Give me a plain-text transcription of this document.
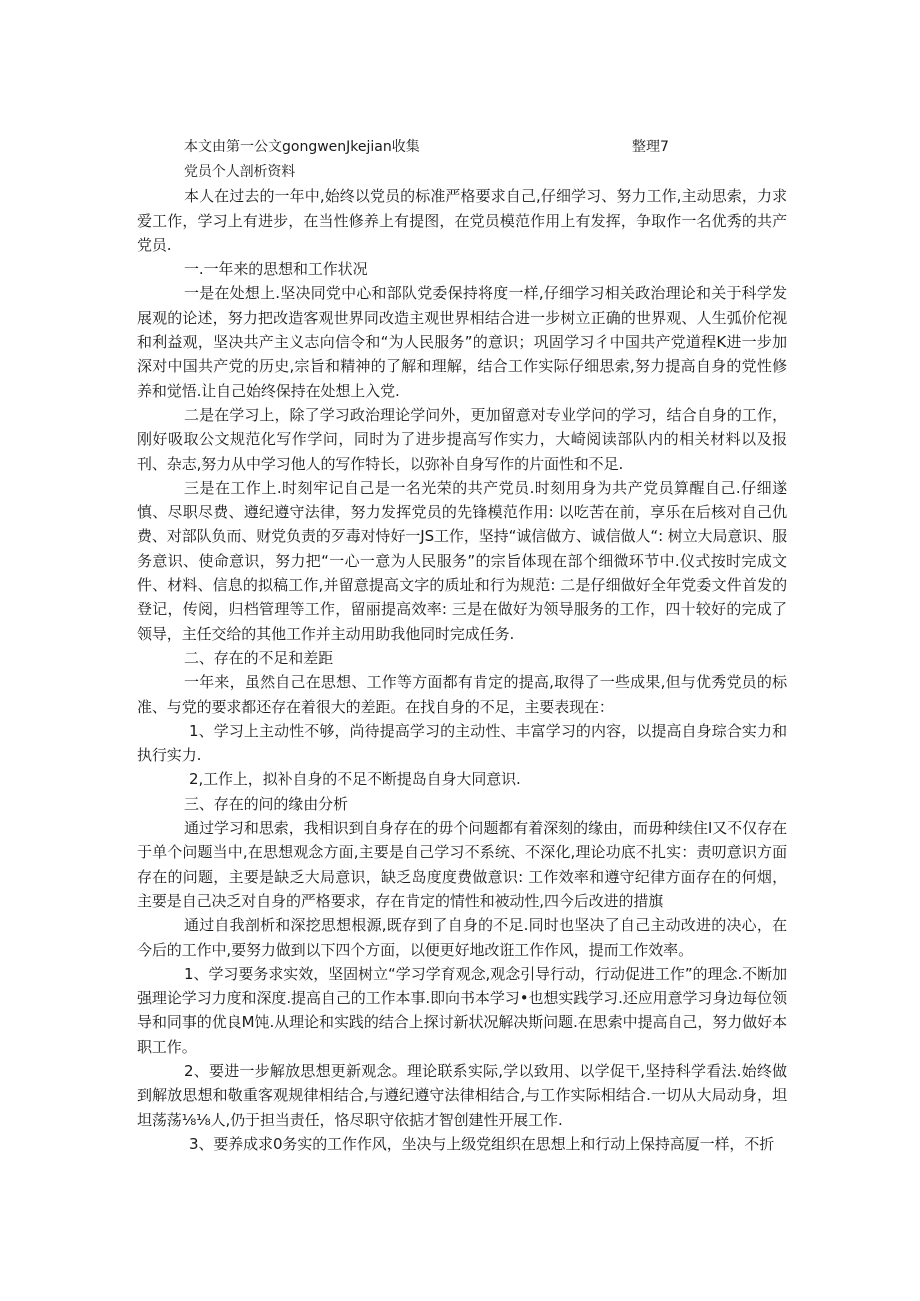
本文由第一公文gongwenJkejian收集	整理7

党员个人剖析资料

本人在过去的一年中,始终以党员的标准严格要求自己,仔细学习、努力工作,主动思索，力求爱工作，学习上有进步，在当性修养上有提图，在党员模范作用上有发挥，争取作一名优秀的共产党员.

一.一年来的思想和工作状况

一是在处想上.坚决同党中心和部队党委保持将度一样,仔细学习相关政治理论和关于科学发展观的论述，努力把改造客观世界同改造主观世界相结合进一步树立正确的世界观、人生弧价佗视和利益观，坚决共产主义志向信令和“为人民服务”的意识；巩固学习彳中国共产党道程K进一步加深对中国共产党的历史,宗旨和精神的了解和理解，结合工作实际仔细思索,努力提高自身的党性修养和觉悟.让自己始终保持在处想上入党.

二是在学习上，除了学习政治理论学问外，更加留意对专业学问的学习，结合自身的工作，刚好吸取公文规范化写作学问，同时为了进步提高写作实力，大崎阅读部队内的相关材料以及报刊、杂志,努力从中学习他人的写作特长，以弥补自身写作的片面性和不足.

三是在工作上.时刻牢记自己是一名光荣的共产党员.时刻用身为共产党员算醒自己.仔细遂慎、尽职尽费、遵纪遵守法律，努力发挥党员的先锋模范作用: 以吃苦在前，享乐在后核对自己仇费、对部队负而、财党负责的歹毒对恃好一JS工作，坚持“诚信做方、诚信做人“: 树立大局意识、服务意识、使命意识，努力把“一心一意为人民服务”的宗旨体现在部个细微环节中.仪式按时完成文件、材料、信息的拟稿工作,并留意提高文字的质址和行为规范: 二是仔细做好全年党委文件首发的登记，传阅，归档管理等工作，留丽提高效率: 三是在做好为领导服务的工作，四十较好的完成了领导，主任交给的其他工作并主动用助我他同时完成任务.

二、存在的不足和差距

一年来，虽然自己在思想、工作等方面都有肯定的提高,取得了一些成果,但与优秀党员的标准、与党的要求都还存在着很大的差距。在找自身的不足，主要表现在：

1、学习上主动性不够，尚待提高学习的主动性、丰富学习的内容，以提高自身琮合实力和执行实力.

2,工作上，拟补自身的不足不断提岛自身大同意识.

三、存在的问的缘由分析

通过学习和思索，我相识到自身存在的毋个问题都有着深刻的缘由，而毋种续住I又不仅存在于单个问题当中,在思想观念方面,主要是自己学习不系统、不深化,理论功底不扎实：责叨意识方面存在的问题，主要是缺乏大局意识，缺乏岛度度费做意识: 工作效率和遵守纪律方面存在的何烟，主要是自己决乏对自身的严格要求，存在肯定的情性和被动性,四今后改进的措旗

通过自我剖析和深挖思想根源,既存到了自身的不足.同时也坚决了自己主动改进的决心，在今后的工作中,要努力做到以下四个方面，以便更好地改诳工作作风，提而工作效率。

1、学习要务求实效，坚固树立“学习学育观念,观念引导行动，行动促进工作”的理念.不断加强理论学习力度和深度.提高自己的工作本事.即向书本学习•也想实践学习.还应用意学习身边每位领导和同事的优良M饨.从理论和实践的结合上探讨新状况解决斯问题.在思索中提高自己，努力做好本职工作。

2、要进一步解放思想更新观念。理论联系实际,学以致用、以学促干,坚持科学看法.始终做到解放思想和敬重客观规律相结合,与遵纪遵守法律相结合,与工作实际相结合.一切从大局动身，坦坦荡荡⅛⅛人,仍于担当责任，恪尽职守依掂才智创建性开展工作.

3、要养成求0务实的工作作风，坐决与上级党组织在思想上和行动上保持高厦一样，不折
